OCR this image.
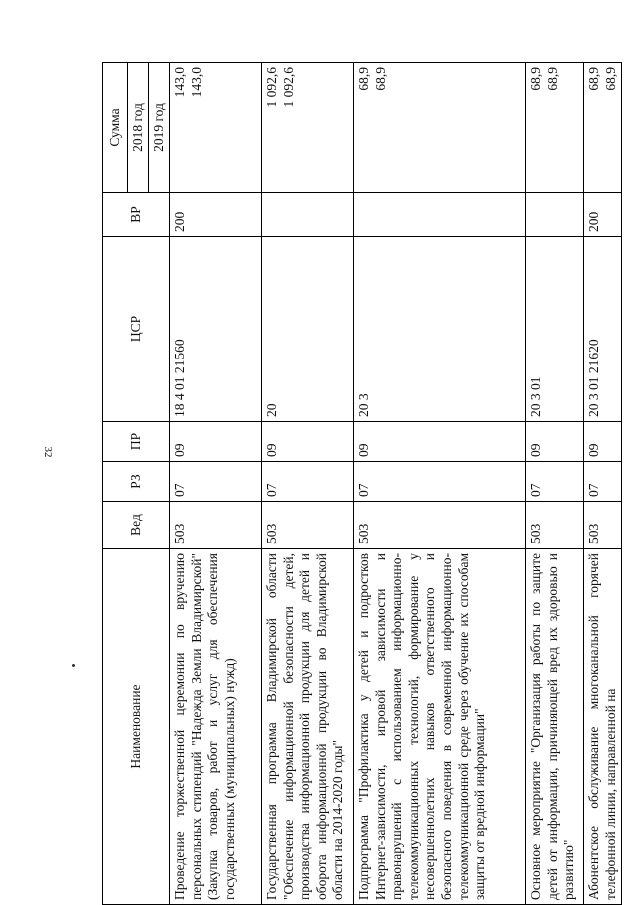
32
Наименование	Вед	РЗ	ПР	ЦСР	ВР	Сумма
						2018 год
						2019 год
Проведение торжественной церемонии по вручению персональных стипендий "Надежда Земли Владимирской" (Закупка товаров, работ и услуг для обеспечения государственных (муниципальных) нужд)	503	07	09	18 4 01 21560	200	143,0 143,0

Государственная программа Владимирской области "Обеспечение информационной безопасности детей, производства информационной продукции для детей и оборота информационной продукции во Владимирской области на 2014-2020 годы"	503	07	09	20		1 092,6 1 092,6

Подпрограмма "Профилактика у детей и подростков Интернет-зависимости, игровой зависимости и правонарушений с использованием информационно-телекоммуникационных технологий, формирование у несовершеннолетних навыков ответственного и безопасного поведения в современной информационно-телекоммуникационной среде через обучение их способам защиты от вредной информации"	503	07	09	20 3		68,9 68,9

Основное мероприятие "Организация работы по защите детей от информации, причиняющей вред их здоровью и развитию"	503	07	09	20 3 01		68,9 68,9

Абонентское обслуживание многоканальной горячей телефонной линии, направленной на	503	07	09	20 3 01 21620	200	68,9 68,9
